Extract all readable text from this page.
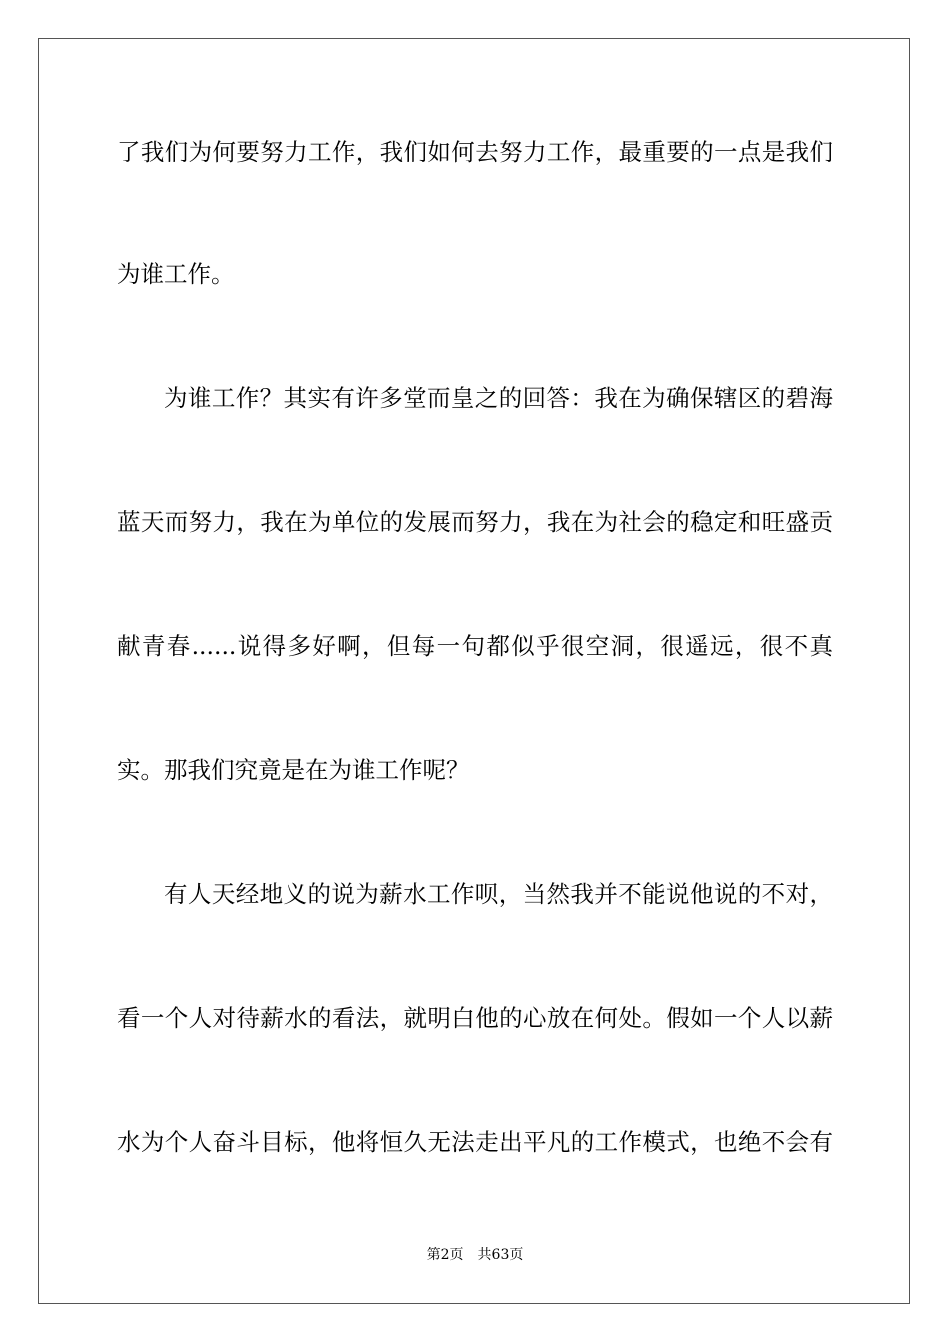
了我们为何要努力工作，我们如何去努力工作，最重要的一点是我们
为谁工作。
为谁工作？其实有许多堂而皇之的回答：我在为确保辖区的碧海
蓝天而努力，我在为单位的发展而努力，我在为社会的稳定和旺盛贡
献青春......说得多好啊，但每一句都似乎很空洞，很遥远，很不真
实。那我们究竟是在为谁工作呢？
有人天经地义的说为薪水工作呗，当然我并不能说他说的不对，
看一个人对待薪水的看法，就明白他的心放在何处。假如一个人以薪
水为个人奋斗目标，他将恒久无法走出平凡的工作模式，也绝不会有
第2页 共63页
